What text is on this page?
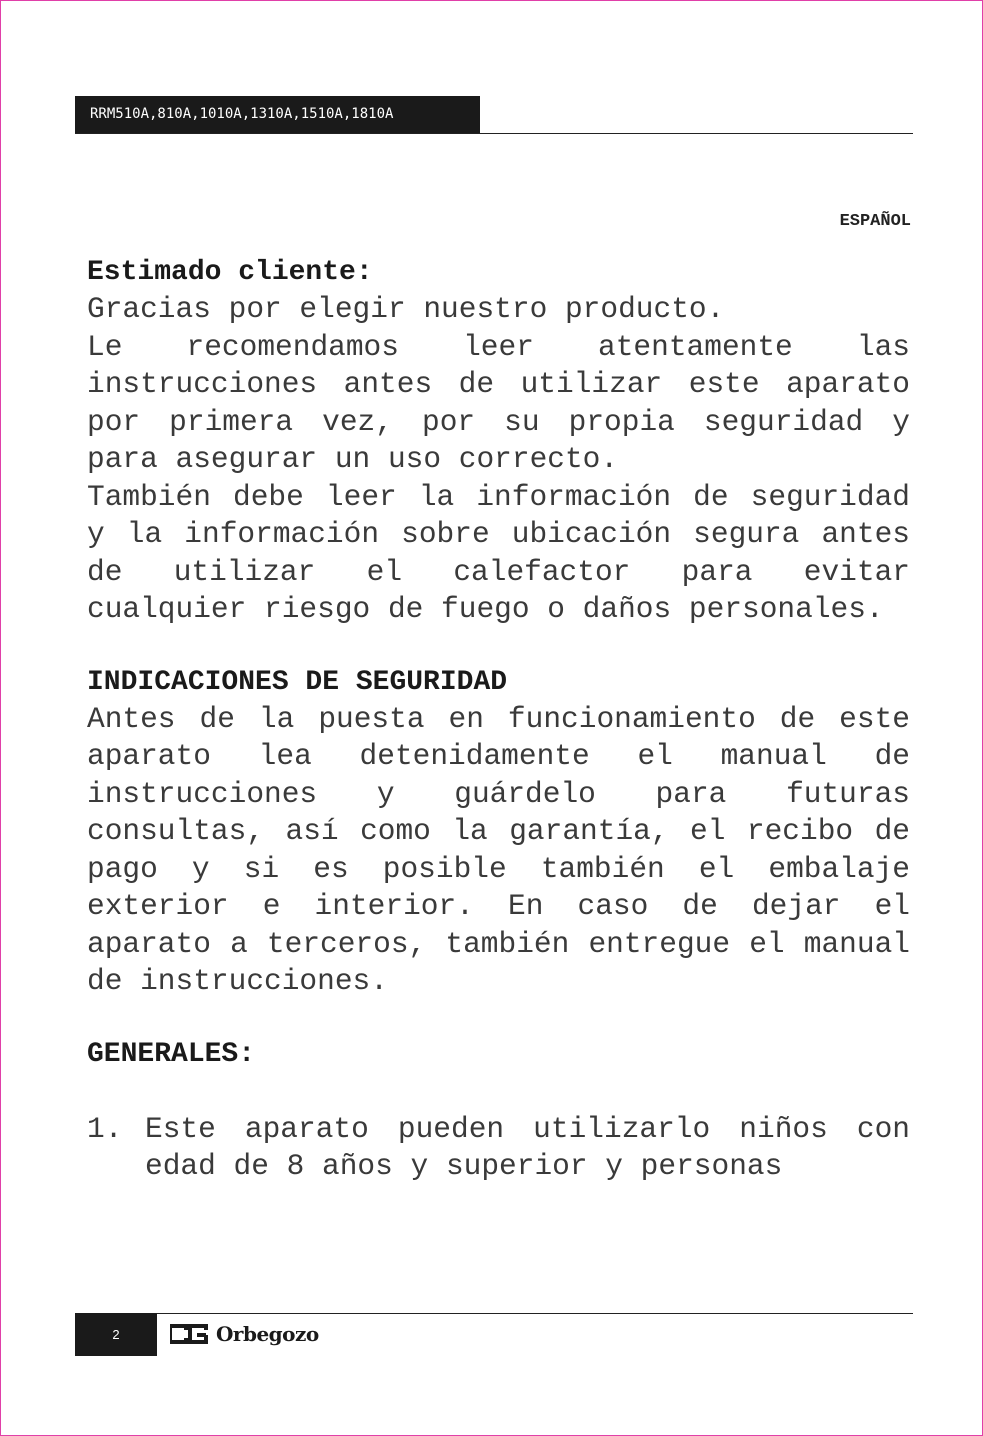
RRM510A,810A,1010A,1310A,1510A,1810A
ESPAÑOL

Estimado cliente:

Gracias por elegir nuestro producto.

Le recomendamos leer atentamente las instrucciones antes de utilizar este aparato por primera vez, por su propia seguridad y para asegurar un uso correcto.

También debe leer la información de seguridad y la información sobre ubicación segura antes de utilizar el calefactor para evitar cualquier riesgo de fuego o daños personales.

INDICACIONES DE SEGURIDAD

Antes de la puesta en funcionamiento de este aparato lea detenidamente el manual de instrucciones y guárdelo para futuras consultas, así como la garantía, el recibo de pago y si es posible también el embalaje exterior e interior. En caso de dejar el aparato a terceros, también entregue el manual de instrucciones.

GENERALES:

1. Este aparato pueden utilizarlo niños con edad de 8 años y superior y personas
2	Orbegozo
